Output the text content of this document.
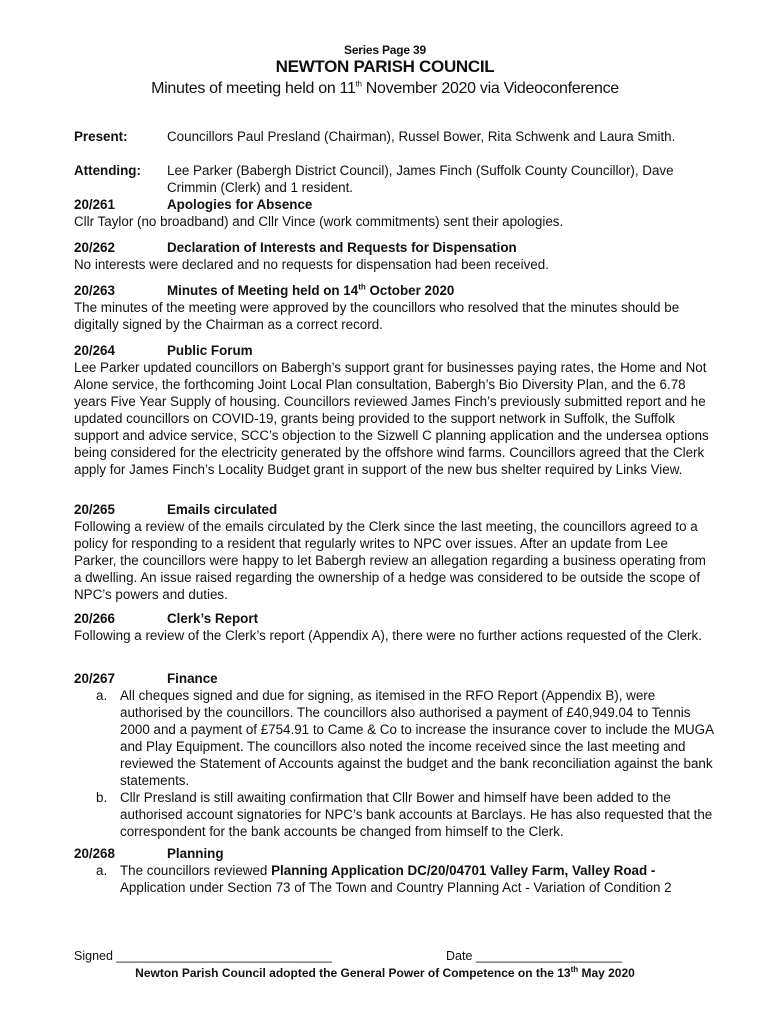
Series Page 39
NEWTON PARISH COUNCIL
Minutes of meeting held on 11th November 2020 via Videoconference
Present:	Councillors Paul Presland (Chairman), Russel Bower, Rita Schwenk and Laura Smith.
Attending: Lee Parker (Babergh District Council), James Finch (Suffolk County Councillor), Dave Crimmin (Clerk) and 1 resident.
20/261	Apologies for Absence

Cllr Taylor (no broadband) and Cllr Vince (work commitments) sent their apologies.

20/262	Declaration of Interests and Requests for Dispensation

No interests were declared and no requests for dispensation had been received.

20/263	Minutes of Meeting held on 14th October 2020

The minutes of the meeting were approved by the councillors who resolved that the minutes should be digitally signed by the Chairman as a correct record.

20/264	Public Forum

Lee Parker updated councillors on Babergh’s support grant for businesses paying rates, the Home and Not Alone service, the forthcoming Joint Local Plan consultation, Babergh’s Bio Diversity Plan, and the 6.78 years Five Year Supply of housing. Councillors reviewed James Finch’s previously submitted report and he updated councillors on COVID-19, grants being provided to the support network in Suffolk, the Suffolk support and advice service, SCC’s objection to the Sizwell C planning application and the undersea options being considered for the electricity generated by the offshore wind farms. Councillors agreed that the Clerk apply for James Finch’s Locality Budget grant in support of the new bus shelter required by Links View.

20/265	Emails circulated

Following a review of the emails circulated by the Clerk since the last meeting, the councillors agreed to a policy for responding to a resident that regularly writes to NPC over issues. After an update from Lee Parker, the councillors were happy to let Babergh review an allegation regarding a business operating from a dwelling. An issue raised regarding the ownership of a hedge was considered to be outside the scope of NPC’s powers and duties.

20/266	Clerk’s Report

Following a review of the Clerk’s report (Appendix A), there were no further actions requested of the Clerk.

20/267	Finance
a. All cheques signed and due for signing, as itemised in the RFO Report (Appendix B), were authorised by the councillors. The councillors also authorised a payment of £40,949.04 to Tennis 2000 and a payment of £754.91 to Came & Co to increase the insurance cover to include the MUGA and Play Equipment. The councillors also noted the income received since the last meeting and reviewed the Statement of Accounts against the budget and the bank reconciliation against the bank statements.
b. Cllr Presland is still awaiting confirmation that Cllr Bower and himself have been added to the authorised account signatories for NPC’s bank accounts at Barclays. He has also requested that the correspondent for the bank accounts be changed from himself to the Clerk.
20/268	Planning
a. The councillors reviewed Planning Application DC/20/04701 Valley Farm, Valley Road - Application under Section 73 of The Town and Country Planning Act - Variation of Condition 2
Signed _______________________________	Date _____________________
Newton Parish Council adopted the General Power of Competence on the 13th May 2020
